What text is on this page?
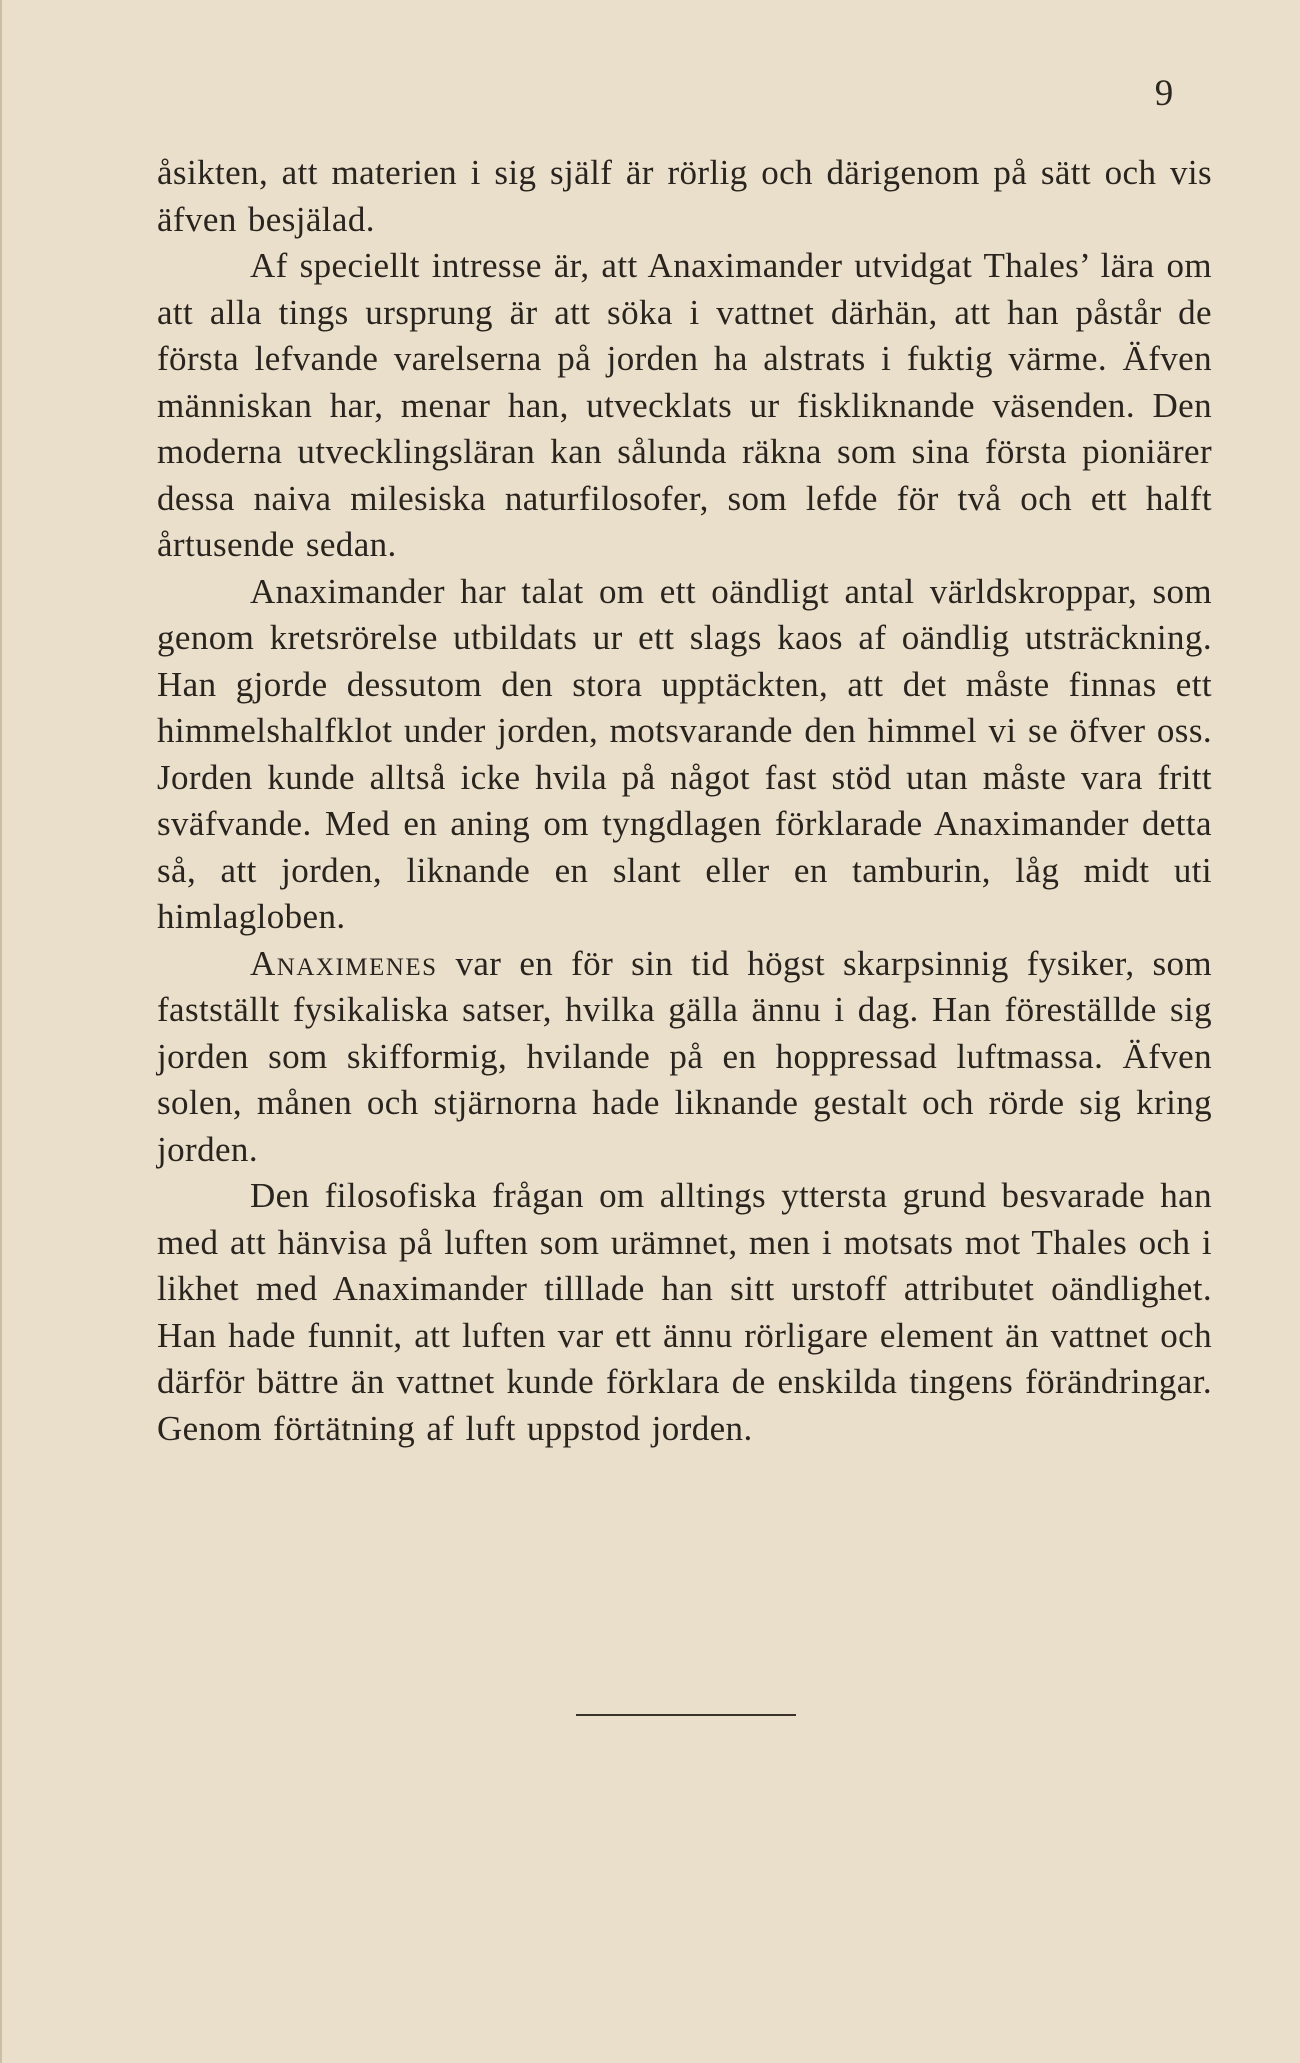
9

åsikten, att materien i sig själf är rörlig och därigenom på sätt och vis äfven besjälad.

Af speciellt intresse är, att Anaximander utvidgat Thales’ lära om att alla tings ursprung är att söka i vattnet därhän, att han påstår de första lefvande varelserna på jorden ha alstrats i fuktig värme. Äfven människan har, menar han, utvecklats ur fiskliknande väsenden. Den moderna utvecklingsläran kan sålunda räkna som sina första pioniärer dessa naiva milesiska naturfilosofer, som lefde för två och ett halft årtusende sedan.

Anaximander har talat om ett oändligt antal världskroppar, som genom kretsrörelse utbildats ur ett slags kaos af oändlig utsträckning. Han gjorde dessutom den stora upptäckten, att det måste finnas ett himmelshalfklot under jorden, motsvarande den himmel vi se öfver oss. Jorden kunde alltså icke hvila på något fast stöd utan måste vara fritt sväfvande. Med en aning om tyngdlagen förklarade Anaximander detta så, att jorden, liknande en slant eller en tamburin, låg midt uti himlagloben.

Anaximenes var en för sin tid högst skarpsinnig fysiker, som fastställt fysikaliska satser, hvilka gälla ännu i dag. Han föreställde sig jorden som skifformig, hvilande på en hoppressad luftmassa. Äfven solen, månen och stjärnorna hade liknande gestalt och rörde sig kring jorden.

Den filosofiska frågan om alltings yttersta grund besvarade han med att hänvisa på luften som urämnet, men i motsats mot Thales och i likhet med Anaximander tilllade han sitt urstoff attributet oändlighet. Han hade funnit, att luften var ett ännu rörligare element än vattnet och därför bättre än vattnet kunde förklara de enskilda tingens förändringar. Genom förtätning af luft uppstod jorden.
